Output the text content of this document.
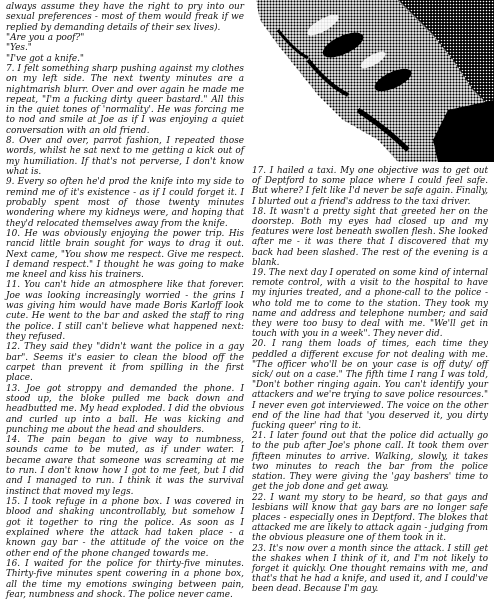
always assume they have the right to pry into our sexual preferences - most of them would freak if we replied by demanding details of their sex lives).

"Are you a poof?"

"Yes."

"I've got a knife."

7. I felt something sharp pushing against my clothes on my left side. The next twenty minutes are a nightmarish blurr. Over and over again he made me repeat, "I'm a fucking dirty queer bastard." All this in the quiet tones of 'normality'. He was forcing me to nod and smile at Joe as if I was enjoying a quiet conversation with an old friend.

8. Over and over, parrot fashion, I repeated those words, whilst he sat next to me getting a kick out of my humiliation. If that's not perverse, I don't know what is.

9. Every so often he'd prod the knife into my side to remind me of it's existence - as if I could forget it. I probably spent most of those twenty minutes wondering where my kidneys were, and hoping that they'd relocated themselves away from the knife.

10. He was obviously enjoying the power trip. His rancid little brain sought for ways to drag it out. Next came, "You show me respect. Give me respect. I demand respect." I thought he was going to make me kneel and kiss his trainers.

11. You can't hide an atmosphere like that forever. Joe was looking increasingly worried - the grins I was giving him would have made Boris Karloff look cute. He went to the bar and asked the staff to ring the police. I still can't believe what happened next: they refused.

12. They said they "didn't want the police in a gay bar". Seems it's easier to clean the blood off the carpet than prevent it from spilling in the first place.

13. Joe got stroppy and demanded the phone. I stood up, the bloke pulled me back down and headbutted me. My head exploded. I did the obvious and curled up into a ball. He was kicking and punching me about the head and shoulders.

14. The pain began to give way to numbness, sounds came to be muted, as if under water. I became aware that someone was screaming at me to run. I don't know how I got to me feet, but I did and I managed to run. I think it was the survival instinct that moved my legs.

15. I took refuge in a phone box. I was covered in blood and shaking uncontrollably, but somehow I got it together to ring the police. As soon as I explained where the attack had taken place - a known gay bar - the attitude of the voice on the other end of the phone changed towards me.

16. I waited for the police for thirty-five minutes. Thirty-five minutes spent cowering in a phone box, all the time my emotions swinging between pain, fear, numbness and shock. The police never came.

17. I hailed a taxi. My one objective was to get out of Deptford to some place where I could feel safe. But where? I felt like I'd never be safe again. Finally, I blurted out a friend's address to the taxi driver.

18. It wasn't a pretty sight that greeted her on the doorstep. Both my eyes had closed up and my features were lost beneath swollen flesh. She looked after me - it was there that I discovered that my back had been slashed. The rest of the evening is a blank.

19. The next day I operated on some kind of internal remote control, with a visit to the hospital to have my injuries treated, and a phone-call to the police - who told me to come to the station. They took my name and address and telephone number; and said they were too busy to deal with me. "We'll get in touch with you in a week". They never did.

20. I rang them loads of times, each time they peddled a different excuse for not dealing with me. "The officer who'll be on your case is off duty/ off sick/ out on a case." The fifth time I rang I was told, "Don't bother ringing again. You can't identify your attackers and we're trying to save police resources." I never even got interviewed. The voice on the other end of the line had that 'you deserved it, you dirty fucking queer' ring to it.

21. I later found out that the police did actually go to the pub after Joe's phone call. It took them over fifteen minutes to arrive. Walking, slowly, it takes two minutes to reach the bar from the police station. They were giving the 'gay bashers' time to get the job done and get away.

22. I want my story to be heard, so that gays and lesbians will know that gay bars are no longer safe places - especially ones in Deptford. The blokes that attacked me are likely to attack again - judging from the obvious pleasure one of them took in it.

23. It's now over a month since the attack. I still get the shakes when I think of it, and I'm not likely to forget it quickly. One thought remains with me, and that's that he had a knife, and used it, and I could've been dead. Because I'm gay.
